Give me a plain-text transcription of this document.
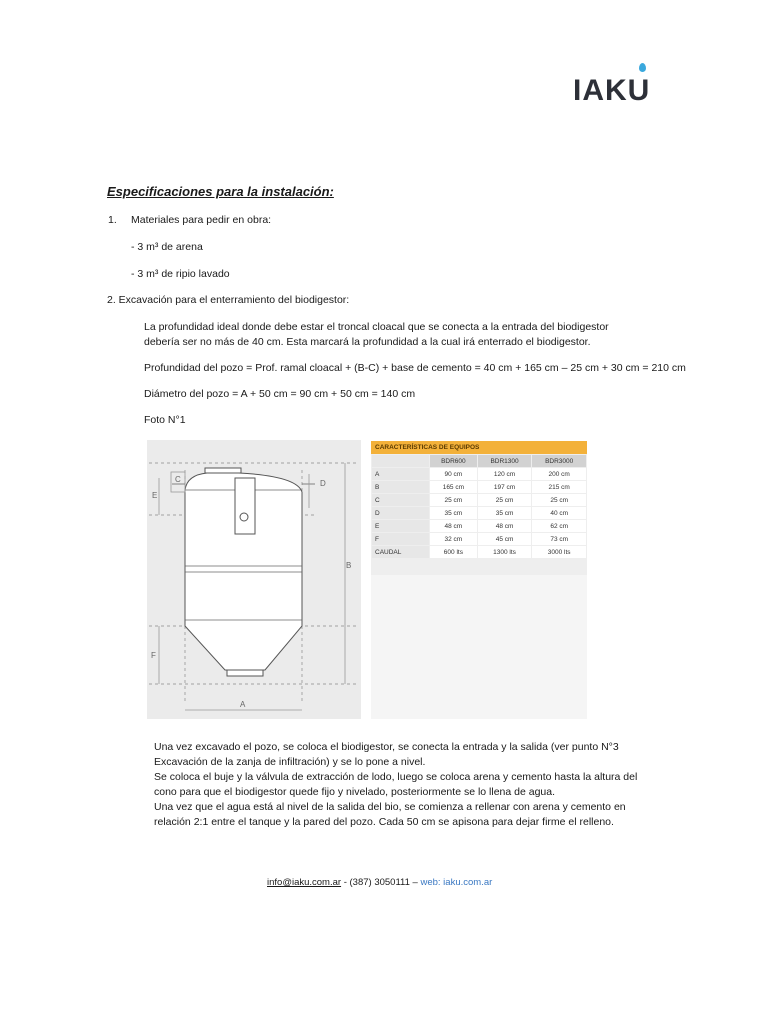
IAKU
Especificaciones para la instalación:
1. Materiales para pedir en obra:
- 3 m³ de arena
- 3 m³ de ripio lavado
2. Excavación para el enterramiento del biodigestor:
La profundidad ideal donde debe estar el troncal cloacal que se conecta a la entrada del biodigestor
debería ser no más de 40 cm. Esta marcará la profundidad a la cual irá enterrado el biodigestor.
Profundidad del pozo = Prof. ramal cloacal + (B-C) + base de cemento = 40 cm + 165 cm – 25 cm + 30 cm = 210 cm
Diámetro del pozo = A + 50 cm = 90 cm + 50 cm = 140 cm
Foto N°1
E
C	D
B
F
A
CARACTERÍSTICAS DE EQUIPOS
	BDR600	BDR1300	BDR3000
A	90 cm	120 cm	200 cm
B	165 cm	197 cm	215 cm
C	25 cm	25 cm	25 cm
D	35 cm	35 cm	40 cm
E	48 cm	48 cm	62 cm
F	32 cm	45 cm	73 cm
CAUDAL	600 lts	1300 lts	3000 lts
Una vez excavado el pozo, se coloca el biodigestor, se conecta la entrada y la salida (ver punto N°3
Excavación de la zanja de infiltración) y se lo pone a nivel.
Se coloca el buje y la válvula de extracción de lodo, luego se coloca arena y cemento hasta la altura del
cono para que el biodigestor quede fijo y nivelado, posteriormente se lo llena de agua.
Una vez que el agua está al nivel de la salida del bio, se comienza a rellenar con arena y cemento en
relación 2:1 entre el tanque y la pared del pozo. Cada 50 cm se apisona para dejar firme el relleno.
info@iaku.com.ar - (387) 3050111 – web: iaku.com.ar
